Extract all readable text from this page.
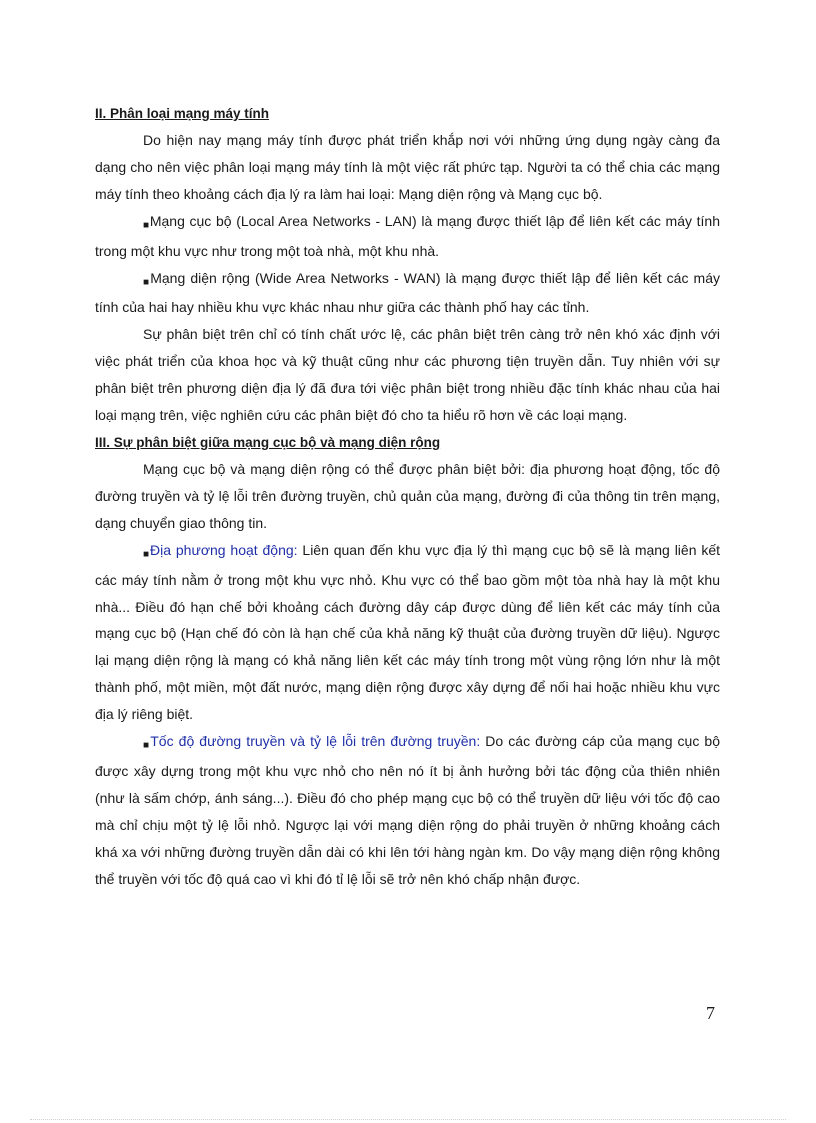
II. Phân loại mạng máy tính

Do hiện nay mạng máy tính được phát triển khắp nơi với những ứng dụng ngày càng đa dạng cho nên việc phân loại mạng máy tính là một việc rất phức tạp. Người ta có thể chia các mạng máy tính theo khoảng cách địa lý ra làm hai loại: Mạng diện rộng và Mạng cục bộ.

■Mạng cục bộ (Local Area Networks - LAN) là mạng được thiết lập để liên kết các máy tính trong một khu vực như trong một toà nhà, một khu nhà.

■Mạng diện rộng (Wide Area Networks - WAN) là mạng được thiết lập để liên kết các máy tính của hai hay nhiều khu vực khác nhau như giữa các thành phố hay các tỉnh.

Sự phân biệt trên chỉ có tính chất ước lệ, các phân biệt trên càng trở nên khó xác định với việc phát triển của khoa học và kỹ thuật cũng như các phương tiện truyền dẫn. Tuy nhiên với sự phân biệt trên phương diện địa lý đã đưa tới việc phân biệt trong nhiều đặc tính khác nhau của hai loại mạng trên, việc nghiên cứu các phân biệt đó cho ta hiểu rõ hơn về các loại mạng.

III. Sự phân biệt giữa mạng cục bộ và mạng diện rộng

Mạng cục bộ và mạng diện rộng có thể được phân biệt bởi: địa phương hoạt động, tốc độ đường truyền và tỷ lệ lỗi trên đường truyền, chủ quản của mạng, đường đi của thông tin trên mạng, dạng chuyển giao thông tin.

■Địa phương hoạt động: Liên quan đến khu vực địa lý thì mạng cục bộ sẽ là mạng liên kết các máy tính nằm ở trong một khu vực nhỏ. Khu vực có thể bao gồm một tòa nhà hay là một khu nhà... Điều đó hạn chế bởi khoảng cách đường dây cáp được dùng để liên kết các máy tính của mạng cục bộ (Hạn chế đó còn là hạn chế của khả năng kỹ thuật của đường truyền dữ liệu). Ngược lại mạng diện rộng là mạng có khả năng liên kết các máy tính trong một vùng rộng lớn như là một thành phố, một miền, một đất nước, mạng diện rộng được xây dựng để nối hai hoặc nhiều khu vực địa lý riêng biệt.

■Tốc độ đường truyền và tỷ lệ lỗi trên đường truyền: Do các đường cáp của mạng cục bộ được xây dựng trong một khu vực nhỏ cho nên nó ít bị ảnh hưởng bởi tác động của thiên nhiên (như là sấm chớp, ánh sáng...). Điều đó cho phép mạng cục bộ có thể truyền dữ liệu với tốc độ cao mà chỉ chịu một tỷ lệ lỗi nhỏ. Ngược lại với mạng diện rộng do phải truyền ở những khoảng cách khá xa với những đường truyền dẫn dài có khi lên tới hàng ngàn km. Do vậy mạng diện rộng không thể truyền với tốc độ quá cao vì khi đó tỉ lệ lỗi sẽ trở nên khó chấp nhận được.

7
